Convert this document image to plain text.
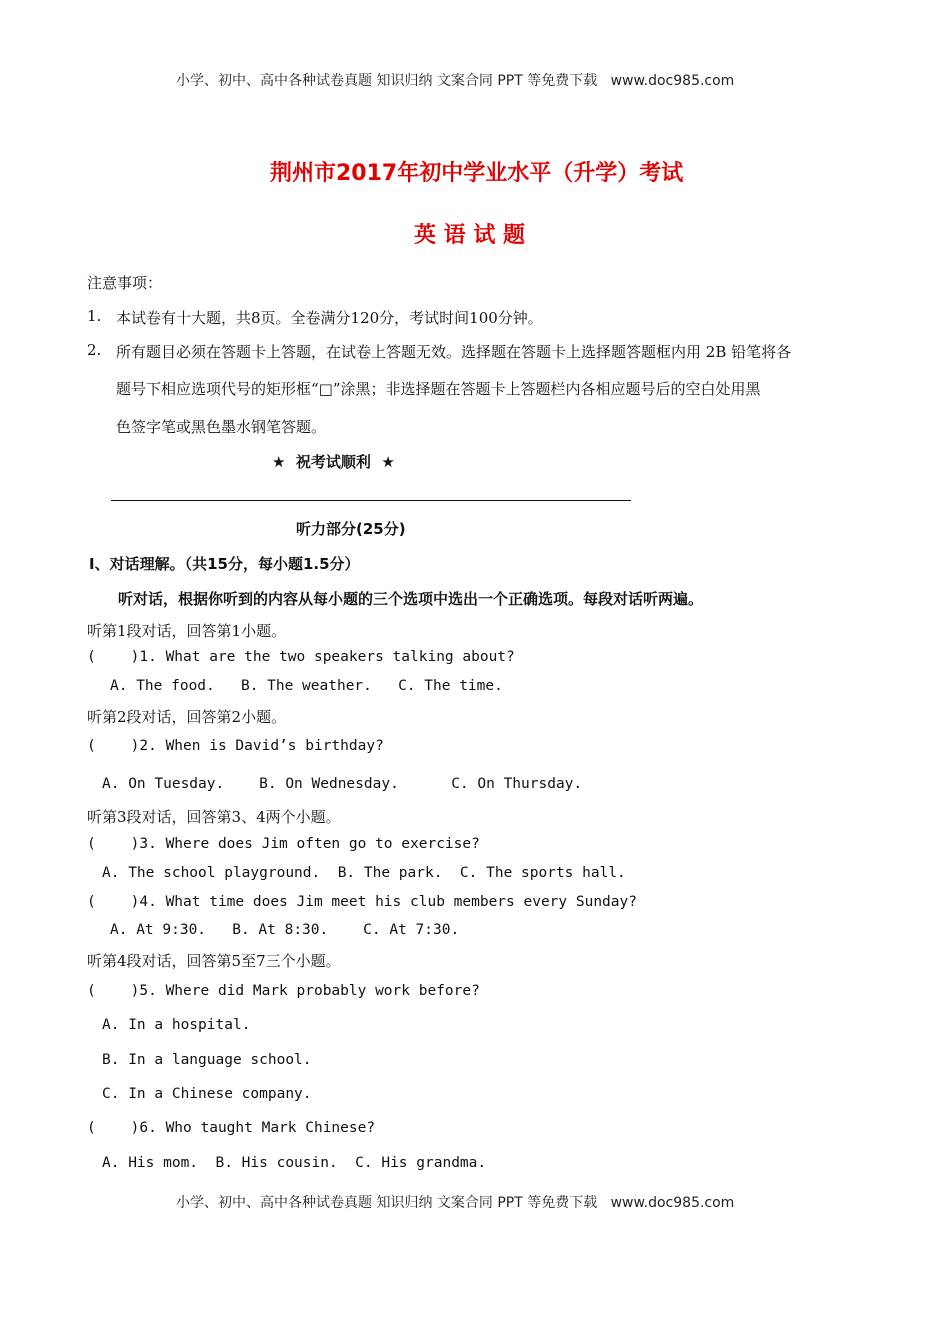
小学、初中、高中各种试卷真题 知识归纳 文案合同 PPT 等免费下载   www.doc985.com
荆州市2017年初中学业水平（升学）考试
英 语 试 题
注意事项：
1. 本试卷有十大题，共8页。全卷满分120分，考试时间100分钟。
2. 所有题目必须在答题卡上答题，在试卷上答题无效。选择题在答题卡上选择题答题框内用 2B 铅笔将各
题号下相应选项代号的矩形框“□”涂黑；非选择题在答题卡上答题栏内各相应题号后的空白处用黑
色签字笔或黑色墨水钢笔答题。
★  祝考试顺利  ★
听力部分(25分)
Ⅰ、对话理解。（共15分，每小题1.5分）
听对话，根据你听到的内容从每小题的三个选项中选出一个正确选项。每段对话听两遍。
听第1段对话，回答第1小题。
(    )1. What are the two speakers talking about?
A. The food.   B. The weather.   C. The time.
听第2段对话，回答第2小题。
(    )2. When is David’s birthday?
A. On Tuesday.    B. On Wednesday.      C. On Thursday.
听第3段对话，回答第3、4两个小题。
(    )3. Where does Jim often go to exercise?
A. The school playground.  B. The park.  C. The sports hall.
(    )4. What time does Jim meet his club members every Sunday?
A. At 9:30.   B. At 8:30.    C. At 7:30.
听第4段对话，回答第5至7三个小题。
(    )5. Where did Mark probably work before?
A. In a hospital.
B. In a language school.
C. In a Chinese company.
(    )6. Who taught Mark Chinese?
A. His mom.  B. His cousin.  C. His grandma.
小学、初中、高中各种试卷真题 知识归纳 文案合同 PPT 等免费下载   www.doc985.com
